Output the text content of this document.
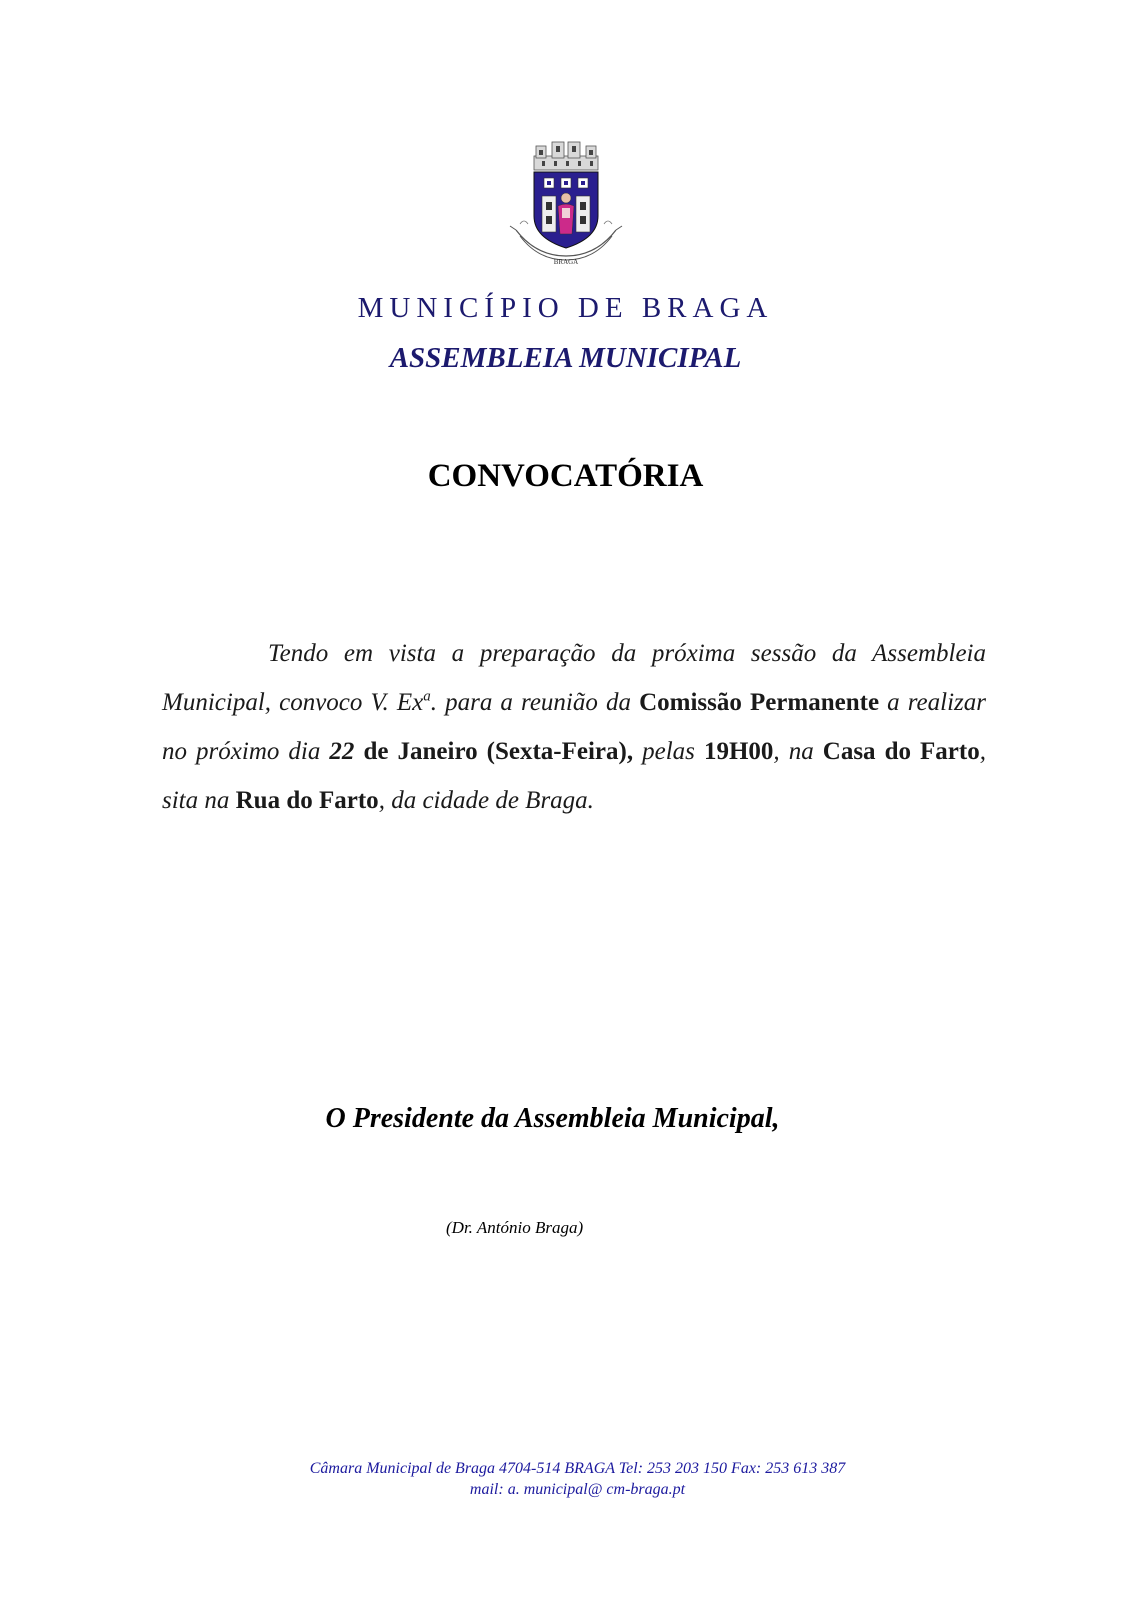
BRAGA
MUNICÍPIO DE BRAGA
ASSEMBLEIA MUNICIPAL
CONVOCATÓRIA
Tendo em vista a preparação da próxima sessão da Assembleia Municipal, convoco V. Ex$^a$. para a reunião da Comissão Permanente a realizar no próximo dia 22 de Janeiro (Sexta-Feira), pelas 19H00, na Casa do Farto, sita na Rua do Farto, da cidade de Braga.
O Presidente da Assembleia Municipal,
(Dr. António Braga)
Câmara Municipal de Braga 4704-514 BRAGA Tel: 253 203 150 Fax: 253 613 387
mail: a. municipal@ cm-braga.pt
